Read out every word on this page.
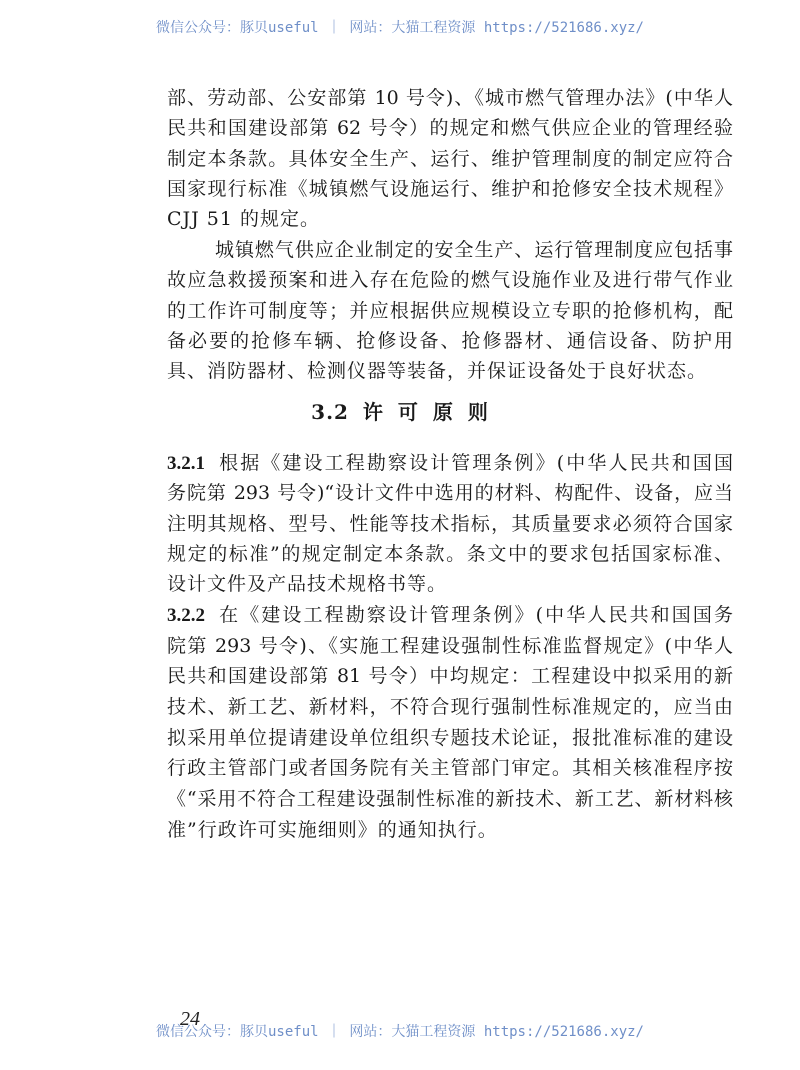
微信公众号：豚贝useful ｜ 网站：大猫工程资源 https://521686.xyz/
部、劳动部、公安部第 10 号令)、《城市燃气管理办法》(中华人
民共和国建设部第 62 号令）的规定和燃气供应企业的管理经验
制定本条款。具体安全生产、运行、维护管理制度的制定应符合
国家现行标准《城镇燃气设施运行、维护和抢修安全技术规程》
CJJ 51 的规定。
城镇燃气供应企业制定的安全生产、运行管理制度应包括事
故应急救援预案和进入存在危险的燃气设施作业及进行带气作业
的工作许可制度等；并应根据供应规模设立专职的抢修机构，配
备必要的抢修车辆、抢修设备、抢修器材、通信设备、防护用
具、消防器材、检测仪器等装备，并保证设备处于良好状态。
3.2 许 可 原 则
3.2.1 根据《建设工程勘察设计管理条例》(中华人民共和国国
务院第 293 号令)“设计文件中选用的材料、构配件、设备，应当
注明其规格、型号、性能等技术指标，其质量要求必须符合国家
规定的标准”的规定制定本条款。条文中的要求包括国家标准、
设计文件及产品技术规格书等。
3.2.2 在《建设工程勘察设计管理条例》(中华人民共和国国务
院第 293 号令)、《实施工程建设强制性标准监督规定》(中华人
民共和国建设部第 81 号令）中均规定：工程建设中拟采用的新
技术、新工艺、新材料，不符合现行强制性标准规定的，应当由
拟采用单位提请建设单位组织专题技术论证，报批准标准的建设
行政主管部门或者国务院有关主管部门审定。其相关核准程序按
《“采用不符合工程建设强制性标准的新技术、新工艺、新材料核
准”行政许可实施细则》的通知执行。
微信公众号：豚贝useful ｜ 网站：大猫工程资源 https://521686.xyz/
24
